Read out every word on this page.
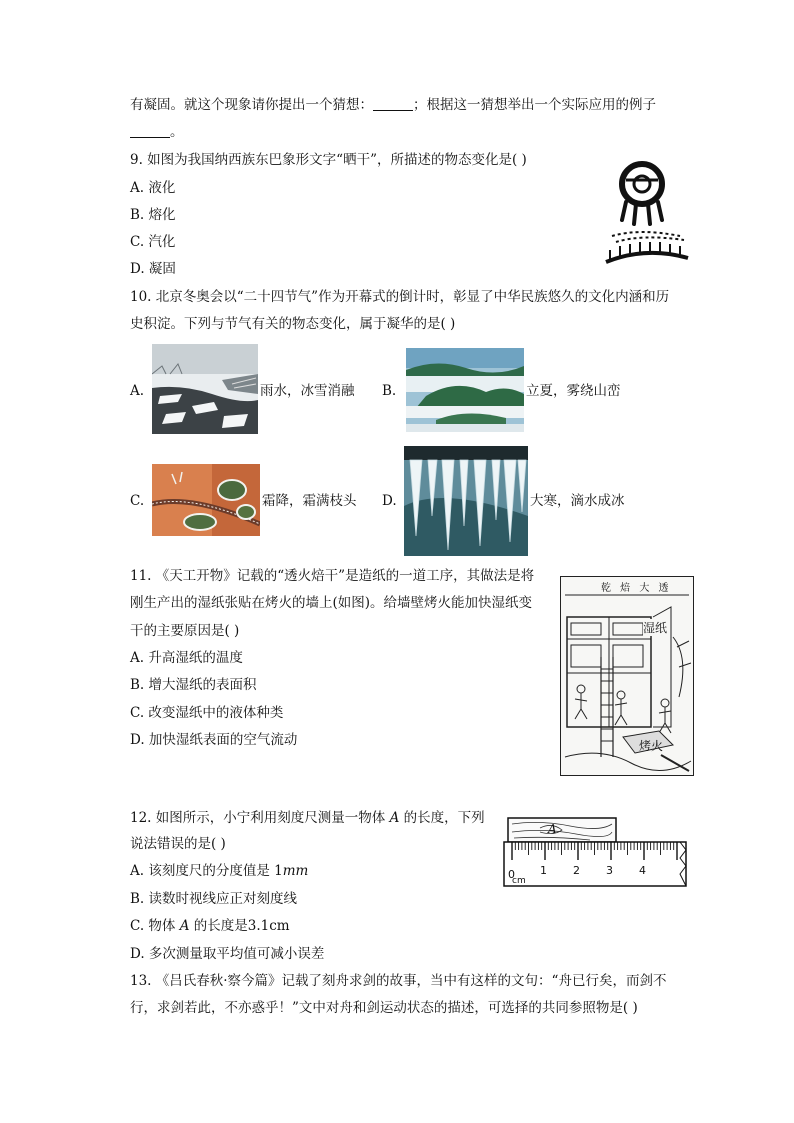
有凝固。就这个现象请你提出一个猜想：	；根据这一猜想举出一个实际应用的例子
。
9. 如图为我国纳西族东巴象形文字“晒干”，所描述的物态变化是( )
A. 液化
B. 熔化
C. 汽化
D. 凝固
10. 北京冬奥会以“二十四节气”作为开幕式的倒计时，彰显了中华民族悠久的文化内涵和历
史积淀。下列与节气有关的物态变化，属于凝华的是( )
A.	雨水，冰雪消融 B.	立夏，雾绕山峦
C.	霜降，霜满枝头 D.	大寒，滴水成冰
11. 《天工开物》记载的“透火焙干”是造纸的一道工序，其做法是将
刚生产出的湿纸张贴在烤火的墙上(如图)。给墙壁烤火能加快湿纸变
干的主要原因是( )
A. 升高湿纸的温度
B. 增大湿纸的表面积
C. 改变湿纸中的液体种类
D. 加快湿纸表面的空气流动
乾 焙 大 透
湿纸
烤火
12. 如图所示，小宁利用刻度尺测量一物体 A 的长度，下列
说法错误的是( )
A. 该刻度尺的分度值是 1mm
B. 读数时视线应正对刻度线
C. 物体 A 的长度是3.1cm
D. 多次测量取平均值可减小误差
A
0
cm
1 2 3 4
13. 《吕氏春秋·察今篇》记载了刻舟求剑的故事，当中有这样的文句：“舟已行矣，而剑不
行，求剑若此，不亦惑乎！”文中对舟和剑运动状态的描述，可选择的共同参照物是( )
